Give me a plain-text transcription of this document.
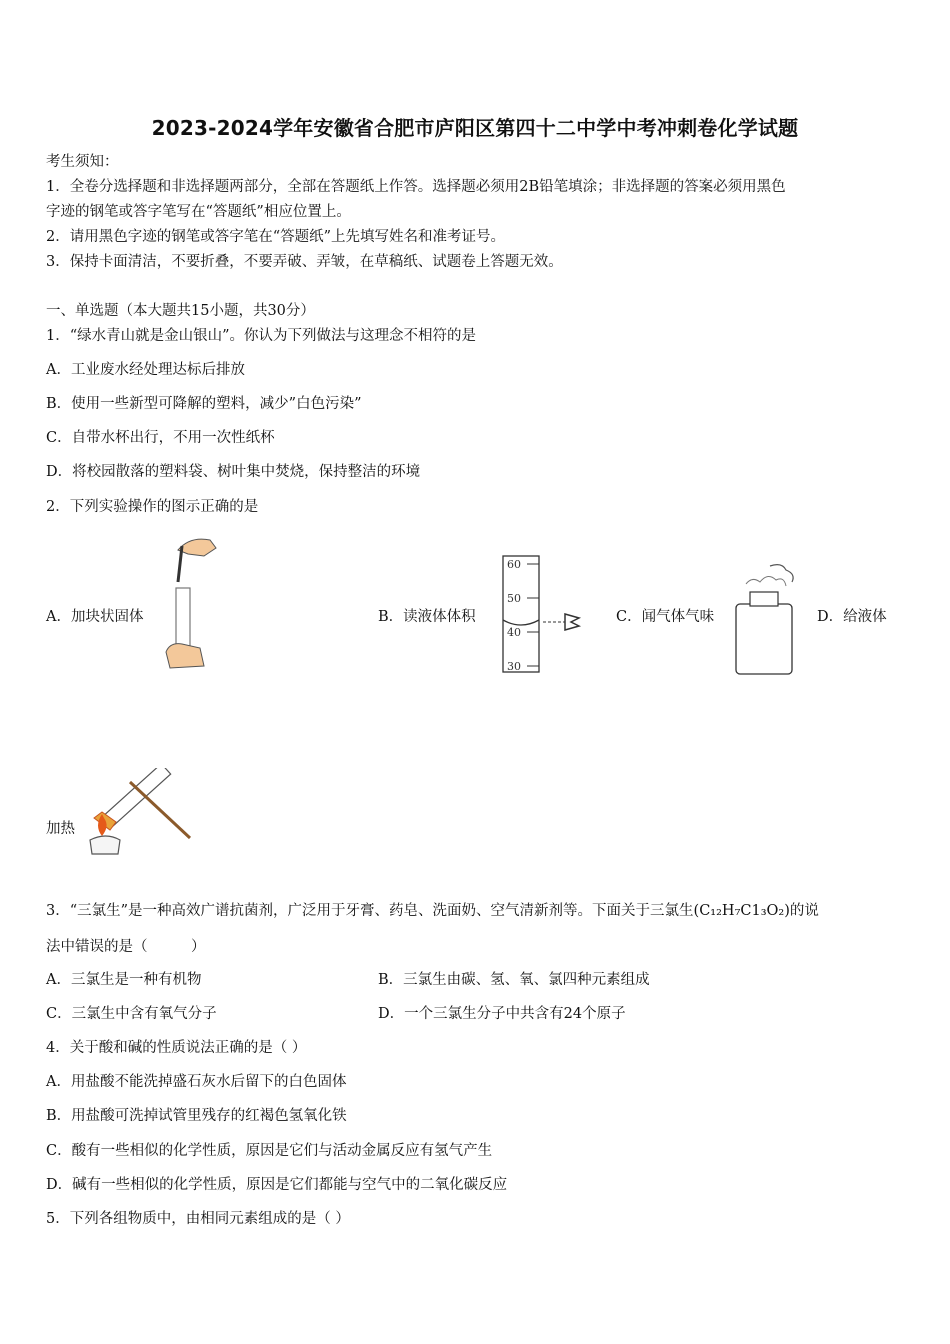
2023-2024学年安徽省合肥市庐阳区第四十二中学中考冲刺卷化学试题
考生须知：
1．全卷分选择题和非选择题两部分，全部在答题纸上作答。选择题必须用2B铅笔填涂；非选择题的答案必须用黑色
字迹的钢笔或答字笔写在“答题纸”相应位置上。
2．请用黑色字迹的钢笔或答字笔在“答题纸”上先填写姓名和准考证号。
3．保持卡面清洁，不要折叠，不要弄破、弄皱，在草稿纸、试题卷上答题无效。
一、单选题（本大题共15小题，共30分）
1．“绿水青山就是金山银山”。你认为下列做法与这理念不相符的是
A．工业废水经处理达标后排放
B．使用一些新型可降解的塑料，减少”白色污染”
C．自带水杯出行，不用一次性纸杯
D．将校园散落的塑料袋、树叶集中焚烧，保持整洁的环境
2．下列实验操作的图示正确的是
A．加块状固体	B．读液体体积
60
50
40
30
C．闻气体气味	D．给液体
加热
3．“三氯生”是一种高效广谱抗菌剂，广泛用于牙膏、药皂、洗面奶、空气清新剂等。下面关于三氯生(C₁₂H₇C1₃O₂)的说
法中错误的是（　　　）
A．三氯生是一种有机物	B．三氯生由碳、氢、氧、氯四种元素组成
C．三氯生中含有氧气分子	D．一个三氯生分子中共含有24个原子
4．关于酸和碱的性质说法正确的是（ ）
A．用盐酸不能洗掉盛石灰水后留下的白色固体
B．用盐酸可洗掉试管里残存的红褐色氢氧化铁
C．酸有一些相似的化学性质，原因是它们与活动金属反应有氢气产生
D．碱有一些相似的化学性质，原因是它们都能与空气中的二氧化碳反应
5．下列各组物质中，由相同元素组成的是（ ）
